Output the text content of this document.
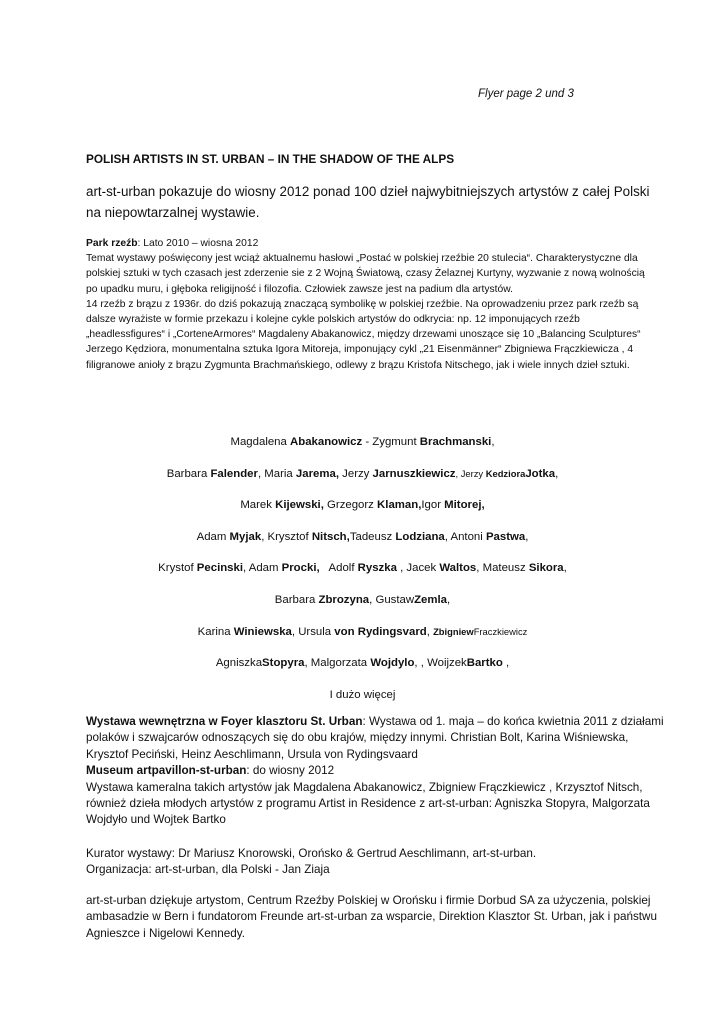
Flyer page 2 und 3
POLISH ARTISTS IN ST. URBAN – IN THE SHADOW OF THE ALPS
art-st-urban pokazuje do wiosny 2012 ponad 100 dzieł najwybitniejszych artystów z całej Polski na niepowtarzalnej wystawie.

Park rzeźb: Lato 2010 – wiosna 2012

Temat wystawy poświęcony jest wciąż aktualnemu hasłowi „Postać w polskiej rzeźbie 20 stulecia“. Charakterystyczne dla polskiej sztuki w tych czasach jest zderzenie sie z 2 Wojną Światową, czasy Żelaznej Kurtyny, wyzwanie z nową wolnością po upadku muru, i głęboka religijność i filozofia. Człowiek zawsze jest na padium dla artystów.

14 rzeźb z brązu z 1936r. do dziś pokazują znaczącą symbolikę w polskiej rzeźbie. Na oprowadzeniu przez park rzeźb są dalsze wyrażiste w formie przekazu i kolejne cykle polskich artystów do odkrycia: np. 12 imponujących rzeźb „headlessfigures“ i „CorteneArmores“ Magdaleny Abakanowicz, między drzewami unoszące się 10 „Balancing Sculptures“ Jerzego Kędziora, monumentalna sztuka Igora Mitoreja, imponujący cykl „21 Eisenmänner“ Zbigniewa Frączkiewicza , 4 filigranowe anioły z brązu Zygmunta Brachmańskiego, odlewy z brązu Kristofa Nitschego, jak i wiele innych dzieł sztuki.

Magdalena Abakanowicz - Zygmunt Brachmanski,
Barbara Falender, Maria Jarema, Jerzy Jarnuszkiewicz, Jerzy KedzioraJotka,
Marek Kijewski, Grzegorz Klaman,Igor Mitorej,
Adam Myjak, Krysztof Nitsch,Tadeusz Lodziana, Antoni Pastwa,
Krystof Pecinski, Adam Procki,   Adolf Ryszka , Jacek Waltos, Mateusz Sikora,
Barbara Zbrozyna, GustawZemla,
Karina Winiewska, Ursula von Rydingsvard, ZbigniewFraczkiewicz
AgniszkaStopyra, Malgorzata Wojdylo, , WoijzekBartko ,
I dużo więcej

Wystawa wewnętrzna w Foyer klasztoru St. Urban: Wystawa od 1. maja – do końca kwietnia 2011 z działami polaków i szwajcarów odnoszących się do obu krajów, między innymi. Christian Bolt, Karina Wiśniewska, Krysztof Peciński, Heinz Aeschlimann, Ursula von Rydingsvaard

Museum artpavillon-st-urban: do wiosny 2012

Wystawa kameralna takich artystów jak Magdalena Abakanowicz, Zbigniew Frączkiewicz , Krzysztof Nitsch, również dzieła młodych artystów z programu Artist in Residence z art-st-urban: Agniszka Stopyra, Malgorzata Wojdyło und Wojtek Bartko

Kurator wystawy: Dr Mariusz Knorowski, Orońsko & Gertrud Aeschlimann, art-st-urban.

Organizacja: art-st-urban, dla Polski - Jan Ziaja

art-st-urban dziękuje artystom, Centrum Rzeźby Polskiej w Orońsku i firmie Dorbud SA za użyczenia, polskiej ambasadzie w Bern i fundatorom Freunde art-st-urban za wsparcie, Direktion Klasztor St. Urban, jak i państwu Agnieszce i Nigelowi Kennedy.
